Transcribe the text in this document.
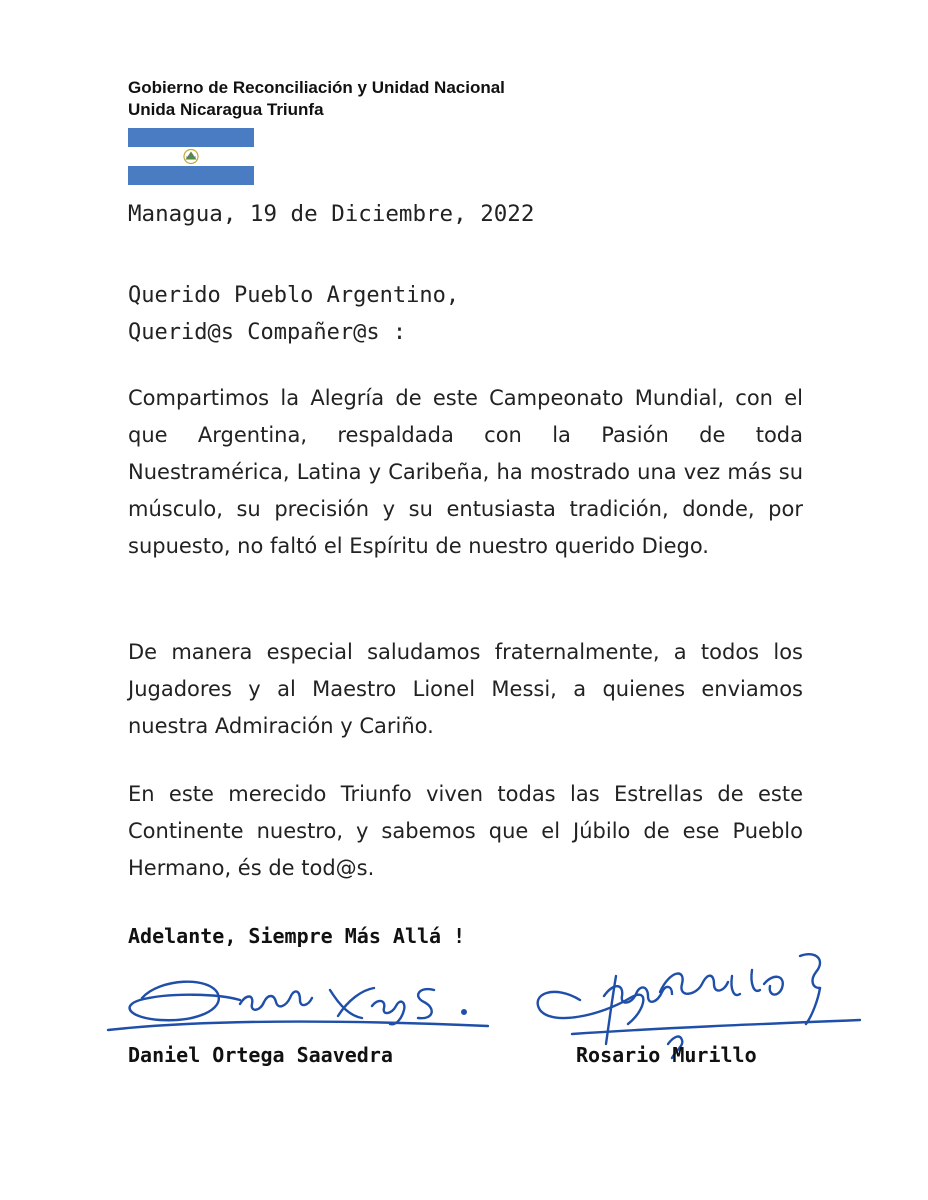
Gobierno de Reconciliación y Unidad Nacional
Unida Nicaragua Triunfa
Managua, 19 de Diciembre, 2022
Querido Pueblo Argentino,
Querid@s Compañer@s :
Compartimos la Alegría de este Campeonato Mundial, con el que Argentina, respaldada con la Pasión de toda Nuestramérica, Latina y Caribeña, ha mostrado una vez más su músculo, su precisión y su entusiasta tradición, donde, por supuesto, no faltó el Espíritu de nuestro querido Diego.
De manera especial saludamos fraternalmente, a todos los Jugadores y al Maestro Lionel Messi, a quienes enviamos nuestra Admiración y Cariño.
En este merecido Triunfo viven todas las Estrellas de este Continente nuestro, y sabemos que el Júbilo de ese Pueblo Hermano, és de tod@s.
Adelante, Siempre Más Allá !
Daniel Ortega Saavedra	Rosario Murillo
